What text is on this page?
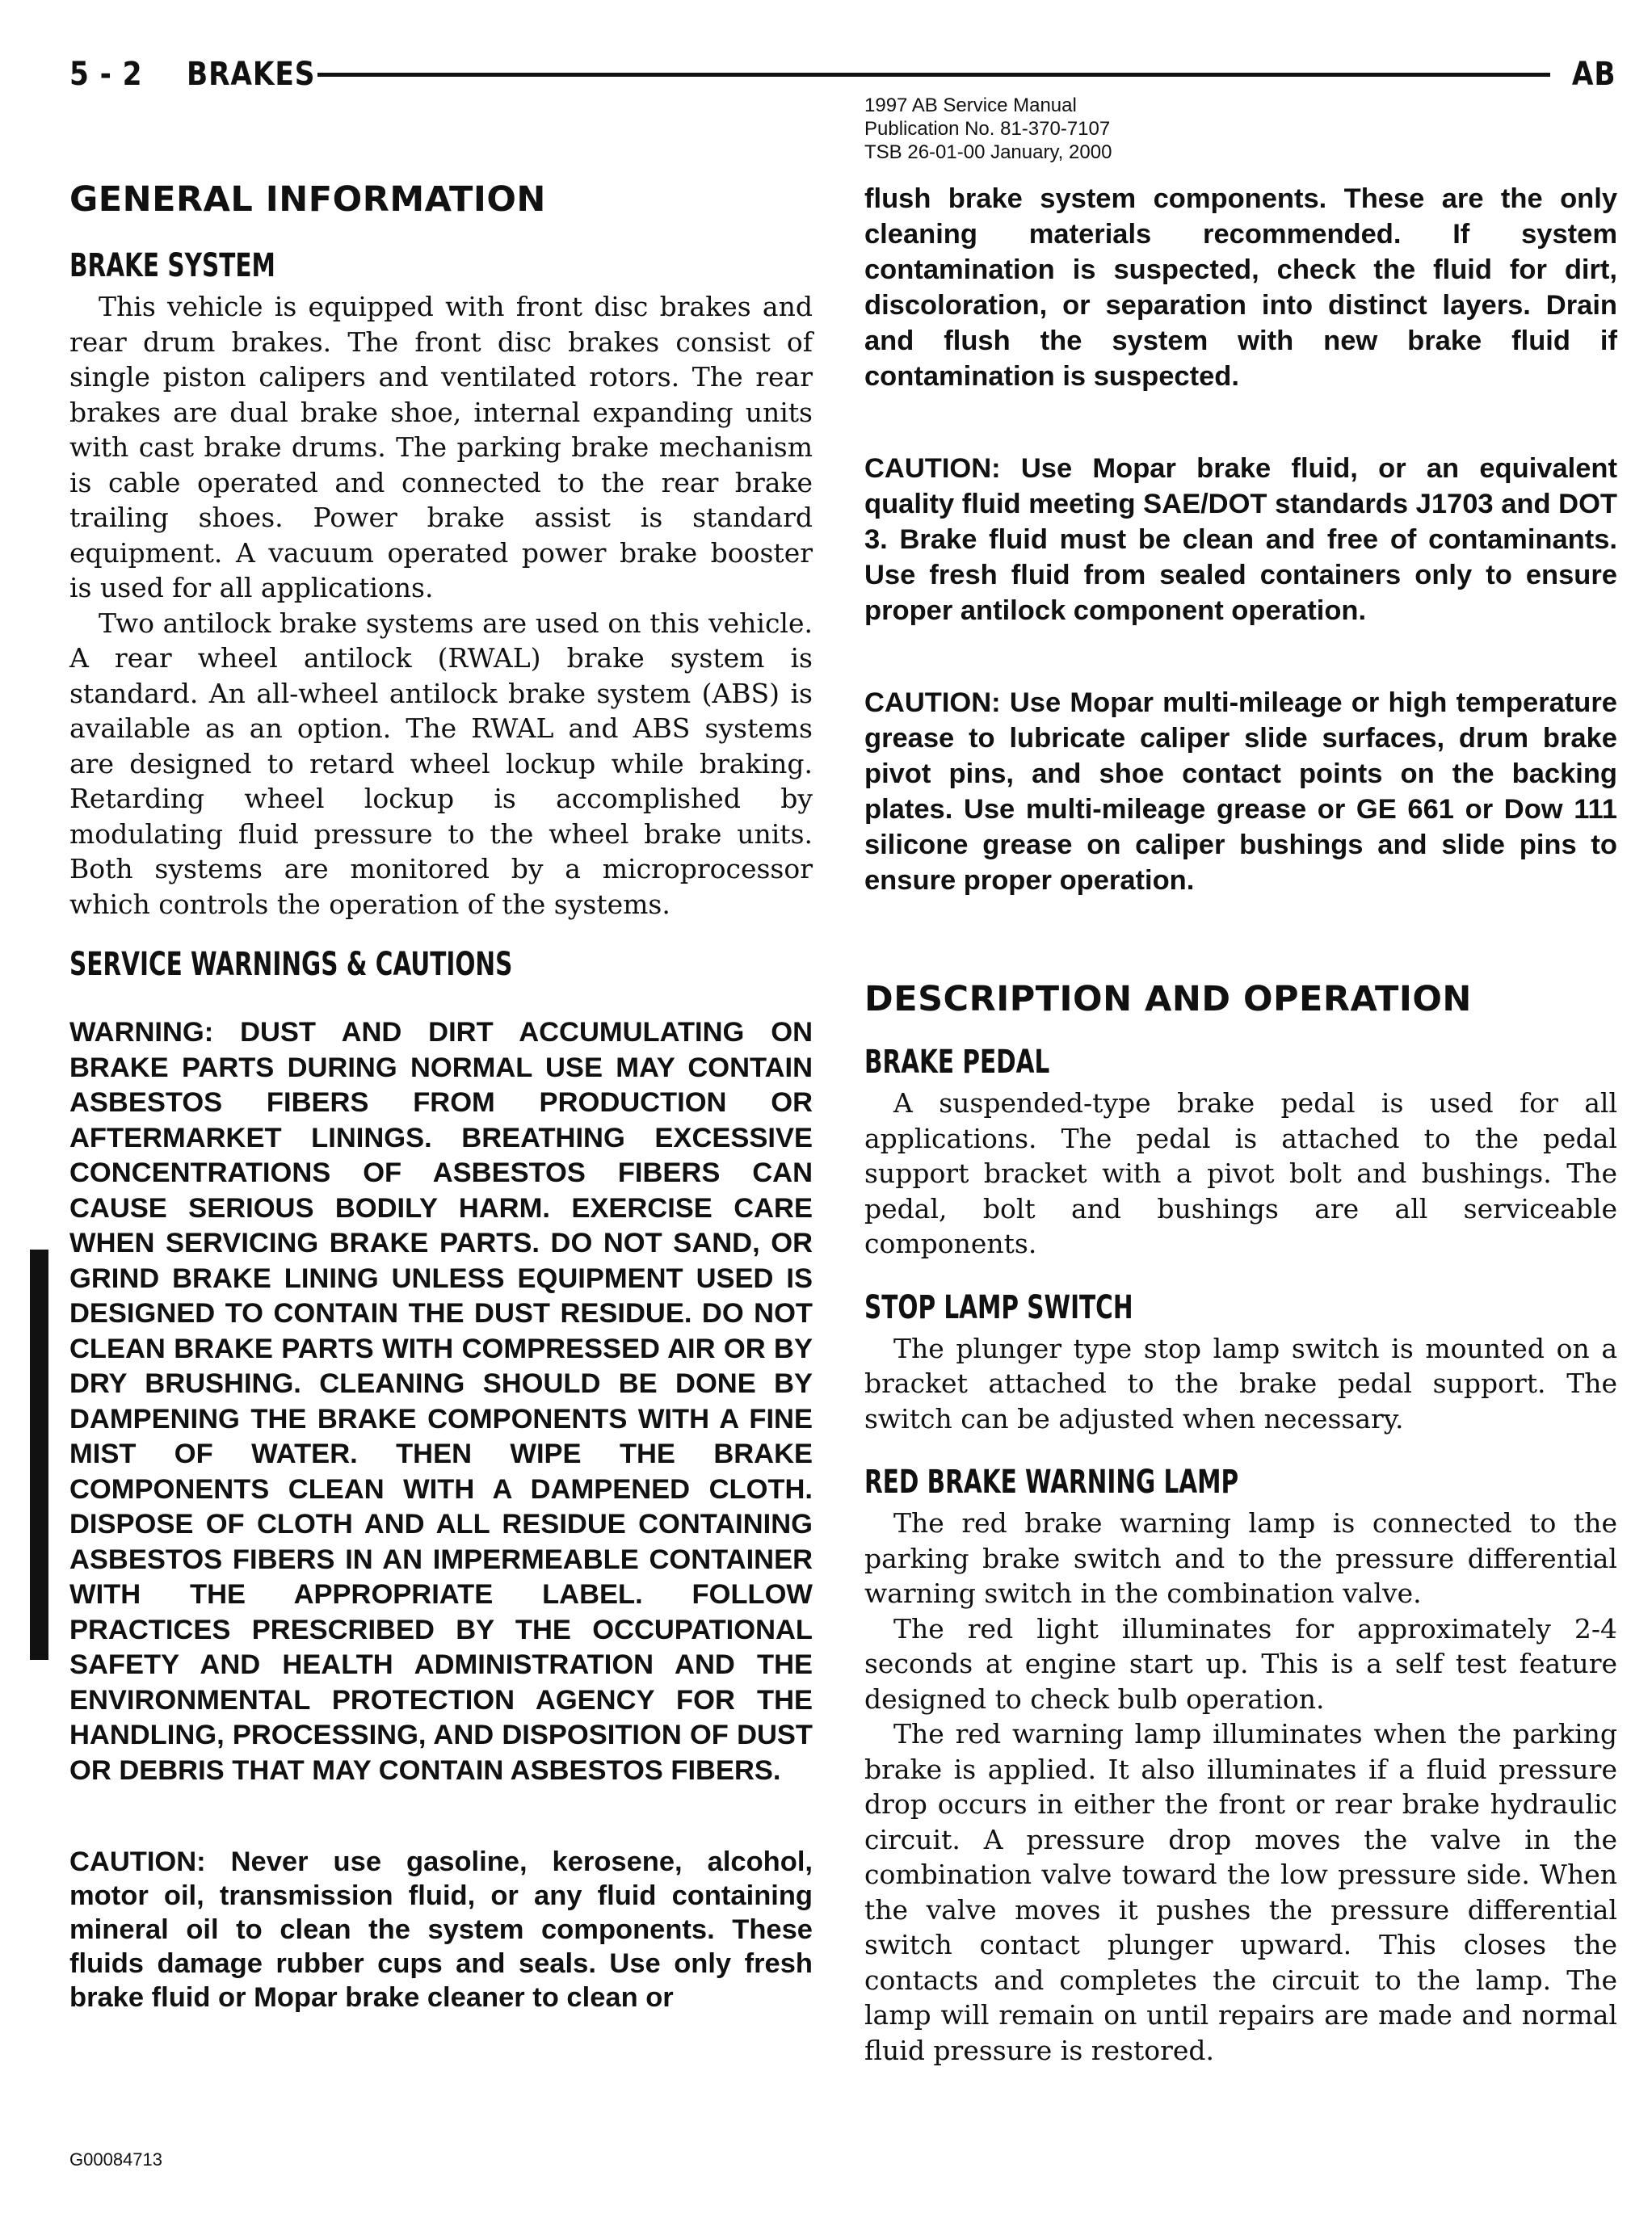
5 - 2 BRAKES	AB
1997 AB Service Manual
Publication No. 81-370-7107
TSB 26-01-00 January, 2000
GENERAL INFORMATION
BRAKE SYSTEM

This vehicle is equipped with front disc brakes and rear drum brakes. The front disc brakes consist of single piston calipers and ventilated rotors. The rear brakes are dual brake shoe, internal expanding units with cast brake drums. The parking brake mechanism is cable operated and connected to the rear brake trailing shoes. Power brake assist is standard equipment. A vacuum operated power brake booster is used for all applications.

Two antilock brake systems are used on this vehicle. A rear wheel antilock (RWAL) brake system is standard. An all-wheel antilock brake system (ABS) is available as an option. The RWAL and ABS systems are designed to retard wheel lockup while braking. Retarding wheel lockup is accomplished by modulating fluid pressure to the wheel brake units. Both systems are monitored by a microprocessor which controls the operation of the systems.

SERVICE WARNINGS & CAUTIONS

WARNING: DUST AND DIRT ACCUMULATING ON BRAKE PARTS DURING NORMAL USE MAY CONTAIN ASBESTOS FIBERS FROM PRODUCTION OR AFTERMARKET LININGS. BREATHING EXCESSIVE CONCENTRATIONS OF ASBESTOS FIBERS CAN CAUSE SERIOUS BODILY HARM. EXERCISE CARE WHEN SERVICING BRAKE PARTS. DO NOT SAND, OR GRIND BRAKE LINING UNLESS EQUIPMENT USED IS DESIGNED TO CONTAIN THE DUST RESIDUE. DO NOT CLEAN BRAKE PARTS WITH COMPRESSED AIR OR BY DRY BRUSHING. CLEANING SHOULD BE DONE BY DAMPENING THE BRAKE COMPONENTS WITH A FINE MIST OF WATER. THEN WIPE THE BRAKE COMPONENTS CLEAN WITH A DAMPENED CLOTH. DISPOSE OF CLOTH AND ALL RESIDUE CONTAINING ASBESTOS FIBERS IN AN IMPERMEABLE CONTAINER WITH THE APPROPRIATE LABEL. FOLLOW PRACTICES PRESCRIBED BY THE OCCUPATIONAL SAFETY AND HEALTH ADMINISTRATION AND THE ENVIRONMENTAL PROTECTION AGENCY FOR THE HANDLING, PROCESSING, AND DISPOSITION OF DUST OR DEBRIS THAT MAY CONTAIN ASBESTOS FIBERS.

CAUTION: Never use gasoline, kerosene, alcohol, motor oil, transmission fluid, or any fluid containing mineral oil to clean the system components. These fluids damage rubber cups and seals. Use only fresh brake fluid or Mopar brake cleaner to clean or

flush brake system components. These are the only cleaning materials recommended. If system contamination is suspected, check the fluid for dirt, discoloration, or separation into distinct layers. Drain and flush the system with new brake fluid if contamination is suspected.

CAUTION: Use Mopar brake fluid, or an equivalent quality fluid meeting SAE/DOT standards J1703 and DOT 3. Brake fluid must be clean and free of contaminants. Use fresh fluid from sealed containers only to ensure proper antilock component operation.

CAUTION: Use Mopar multi-mileage or high temperature grease to lubricate caliper slide surfaces, drum brake pivot pins, and shoe contact points on the backing plates. Use multi-mileage grease or GE 661 or Dow 111 silicone grease on caliper bushings and slide pins to ensure proper operation.

DESCRIPTION AND OPERATION
BRAKE PEDAL

A suspended-type brake pedal is used for all applications. The pedal is attached to the pedal support bracket with a pivot bolt and bushings. The pedal, bolt and bushings are all serviceable components.

STOP LAMP SWITCH

The plunger type stop lamp switch is mounted on a bracket attached to the brake pedal support. The switch can be adjusted when necessary.

RED BRAKE WARNING LAMP

The red brake warning lamp is connected to the parking brake switch and to the pressure differential warning switch in the combination valve.

The red light illuminates for approximately 2-4 seconds at engine start up. This is a self test feature designed to check bulb operation.

The red warning lamp illuminates when the parking brake is applied. It also illuminates if a fluid pressure drop occurs in either the front or rear brake hydraulic circuit. A pressure drop moves the valve in the combination valve toward the low pressure side. When the valve moves it pushes the pressure differential switch contact plunger upward. This closes the contacts and completes the circuit to the lamp. The lamp will remain on until repairs are made and normal fluid pressure is restored.

G00084713
